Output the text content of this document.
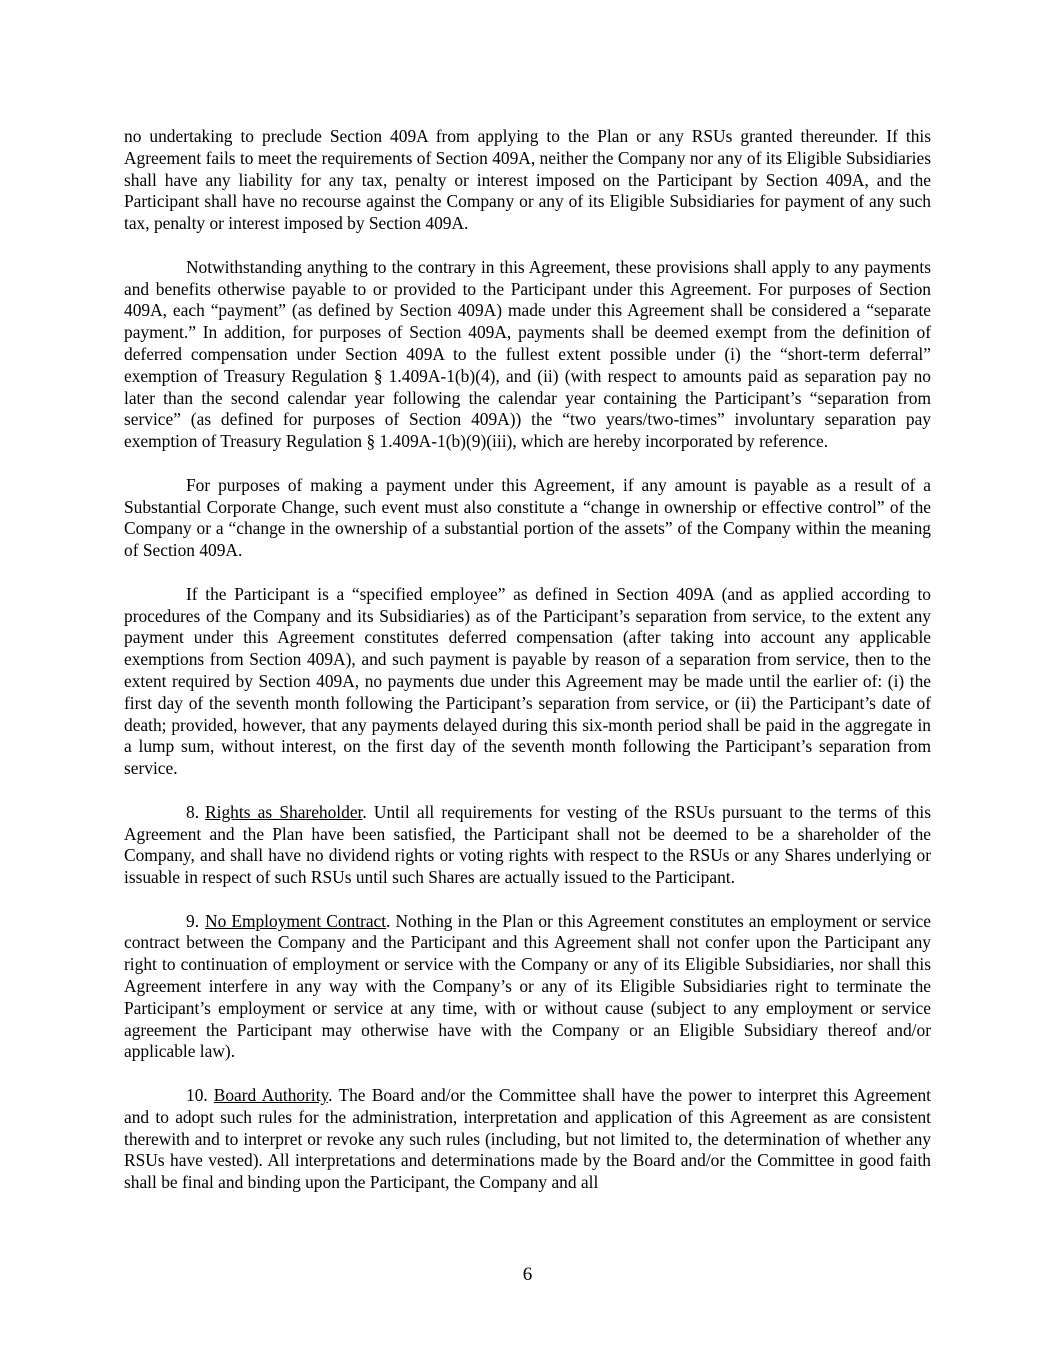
no undertaking to preclude Section 409A from applying to the Plan or any RSUs granted thereunder. If this Agreement fails to meet the requirements of Section 409A, neither the Company nor any of its Eligible Subsidiaries shall have any liability for any tax, penalty or interest imposed on the Participant by Section 409A, and the Participant shall have no recourse against the Company or any of its Eligible Subsidiaries for payment of any such tax, penalty or interest imposed by Section 409A.

Notwithstanding anything to the contrary in this Agreement, these provisions shall apply to any payments and benefits otherwise payable to or provided to the Participant under this Agreement. For purposes of Section 409A, each “payment” (as defined by Section 409A) made under this Agreement shall be considered a “separate payment.” In addition, for purposes of Section 409A, payments shall be deemed exempt from the definition of deferred compensation under Section 409A to the fullest extent possible under (i) the “short-term deferral” exemption of Treasury Regulation § 1.409A-1(b)(4), and (ii) (with respect to amounts paid as separation pay no later than the second calendar year following the calendar year containing the Participant’s “separation from service” (as defined for purposes of Section 409A)) the “two years/two-times” involuntary separation pay exemption of Treasury Regulation § 1.409A-1(b)(9)(iii), which are hereby incorporated by reference.

For purposes of making a payment under this Agreement, if any amount is payable as a result of a Substantial Corporate Change, such event must also constitute a “change in ownership or effective control” of the Company or a “change in the ownership of a substantial portion of the assets” of the Company within the meaning of Section 409A.

If the Participant is a “specified employee” as defined in Section 409A (and as applied according to procedures of the Company and its Subsidiaries) as of the Participant’s separation from service, to the extent any payment under this Agreement constitutes deferred compensation (after taking into account any applicable exemptions from Section 409A), and such payment is payable by reason of a separation from service, then to the extent required by Section 409A, no payments due under this Agreement may be made until the earlier of: (i) the first day of the seventh month following the Participant’s separation from service, or (ii) the Participant’s date of death; provided, however, that any payments delayed during this six-month period shall be paid in the aggregate in a lump sum, without interest, on the first day of the seventh month following the Participant’s separation from service.

8. Rights as Shareholder. Until all requirements for vesting of the RSUs pursuant to the terms of this Agreement and the Plan have been satisfied, the Participant shall not be deemed to be a shareholder of the Company, and shall have no dividend rights or voting rights with respect to the RSUs or any Shares underlying or issuable in respect of such RSUs until such Shares are actually issued to the Participant.

9. No Employment Contract. Nothing in the Plan or this Agreement constitutes an employment or service contract between the Company and the Participant and this Agreement shall not confer upon the Participant any right to continuation of employment or service with the Company or any of its Eligible Subsidiaries, nor shall this Agreement interfere in any way with the Company’s or any of its Eligible Subsidiaries right to terminate the Participant’s employment or service at any time, with or without cause (subject to any employment or service agreement the Participant may otherwise have with the Company or an Eligible Subsidiary thereof and/or applicable law).

10. Board Authority. The Board and/or the Committee shall have the power to interpret this Agreement and to adopt such rules for the administration, interpretation and application of this Agreement as are consistent therewith and to interpret or revoke any such rules (including, but not limited to, the determination of whether any RSUs have vested). All interpretations and determinations made by the Board and/or the Committee in good faith shall be final and binding upon the Participant, the Company and all

6
